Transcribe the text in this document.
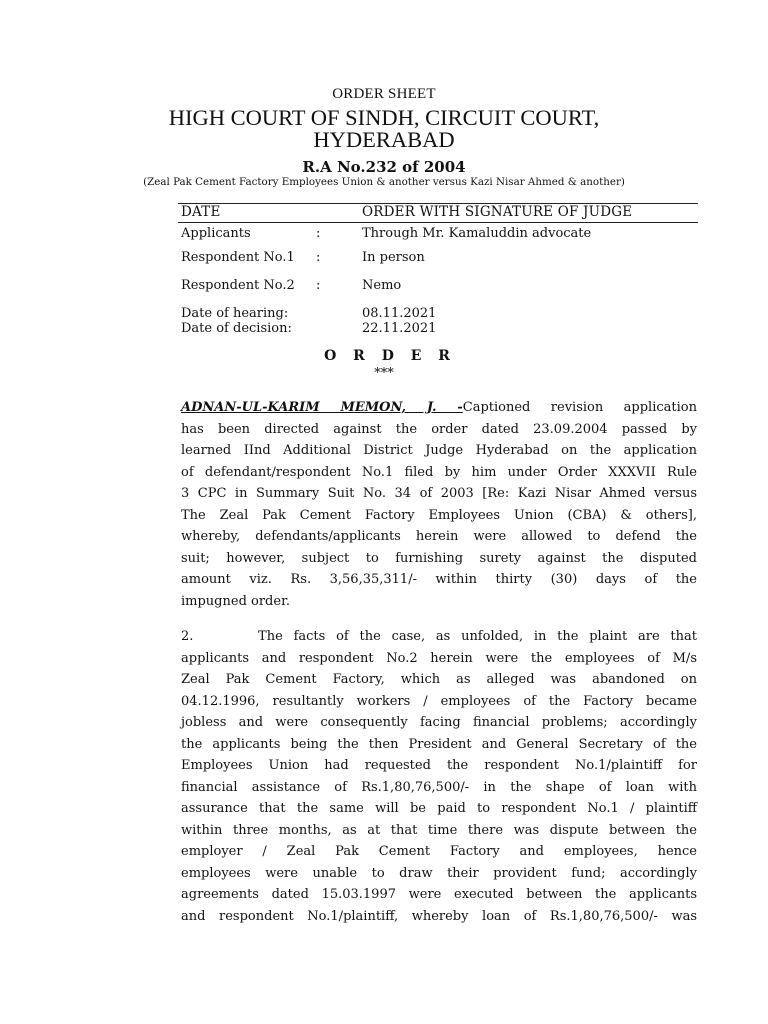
ORDER SHEET
HIGH COURT OF SINDH, CIRCUIT COURT,
HYDERABAD
R.A No.232 of 2004
(Zeal Pak Cement Factory Employees Union & another versus Kazi Nisar Ahmed & another)
DATE	ORDER WITH SIGNATURE OF JUDGE
Applicants	:	Through Mr. Kamaluddin advocate
Respondent No.1 :	In person
Respondent No.2 :	Nemo
Date of hearing:	08.11.2021
Date of decision:	22.11.2021
O R D E R
***
ADNAN-UL-KARIM MEMON, J. -Captioned revision application
has been directed against the order dated 23.09.2004 passed by
learned IInd Additional District Judge Hyderabad on the application
of defendant/respondent No.1 filed by him under Order XXXVII Rule
3 CPC in Summary Suit No. 34 of 2003 [Re: Kazi Nisar Ahmed versus
The Zeal Pak Cement Factory Employees Union (CBA) & others],
whereby, defendants/applicants herein were allowed to defend the
suit; however, subject to furnishing surety against the disputed
amount viz. Rs. 3,56,35,311/- within thirty (30) days of the
impugned order.
2.      The facts of the case, as unfolded, in the plaint are that
applicants and respondent No.2 herein were the employees of M/s
Zeal Pak Cement Factory, which as alleged was abandoned on
04.12.1996, resultantly workers / employees of the Factory became
jobless and were consequently facing financial problems; accordingly
the applicants being the then President and General Secretary of the
Employees Union had requested the respondent No.1/plaintiff for
financial assistance of Rs.1,80,76,500/- in the shape of loan with
assurance that the same will be paid to respondent No.1 / plaintiff
within three months, as at that time there was dispute between the
employer / Zeal Pak Cement Factory and employees, hence
employees were unable to draw their provident fund; accordingly
agreements dated 15.03.1997 were executed between the applicants
and respondent No.1/plaintiff, whereby loan of Rs.1,80,76,500/- was
